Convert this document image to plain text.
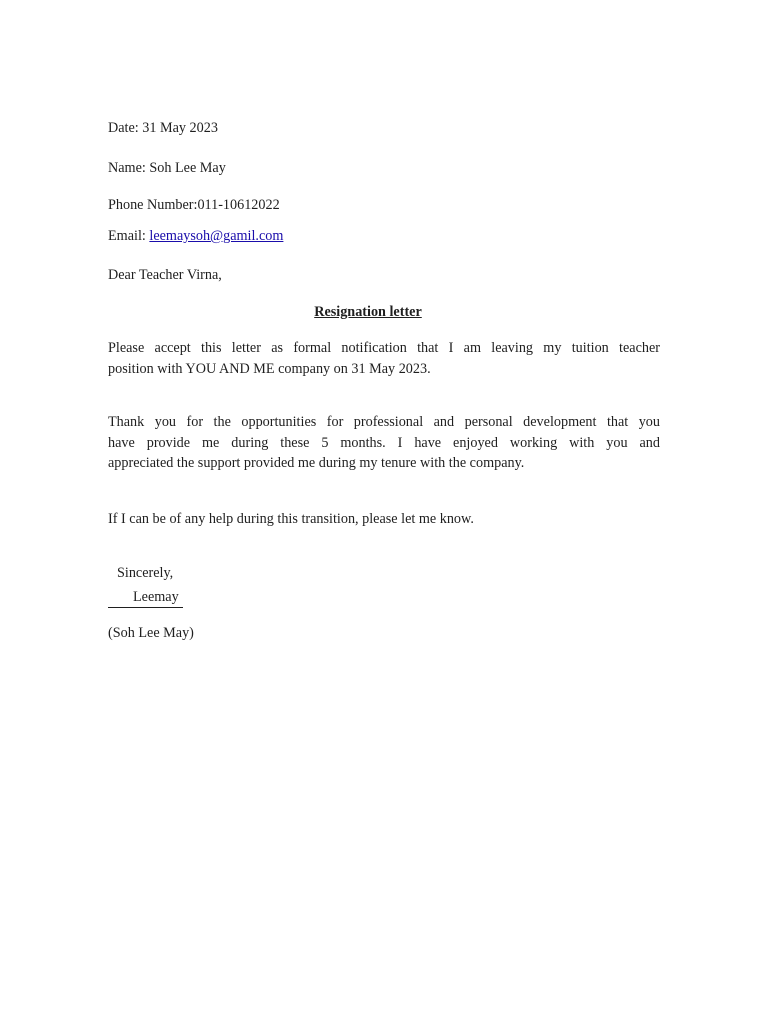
Date: 31 May 2023
Name: Soh Lee May
Phone Number:011-10612022
Email: leemaysoh@gamil.com
Dear Teacher Virna,
Resignation letter
Please accept this letter as formal notification that I am leaving my tuition teacher
position with YOU AND ME company on 31 May 2023.
Thank you for the opportunities for professional and personal development that you
have provide me during these 5 months. I have enjoyed working with you and
appreciated the support provided me during my tenure with the company.
If I can be of any help during this transition, please let me know.
Sincerely,
Leemay
(Soh Lee May)
